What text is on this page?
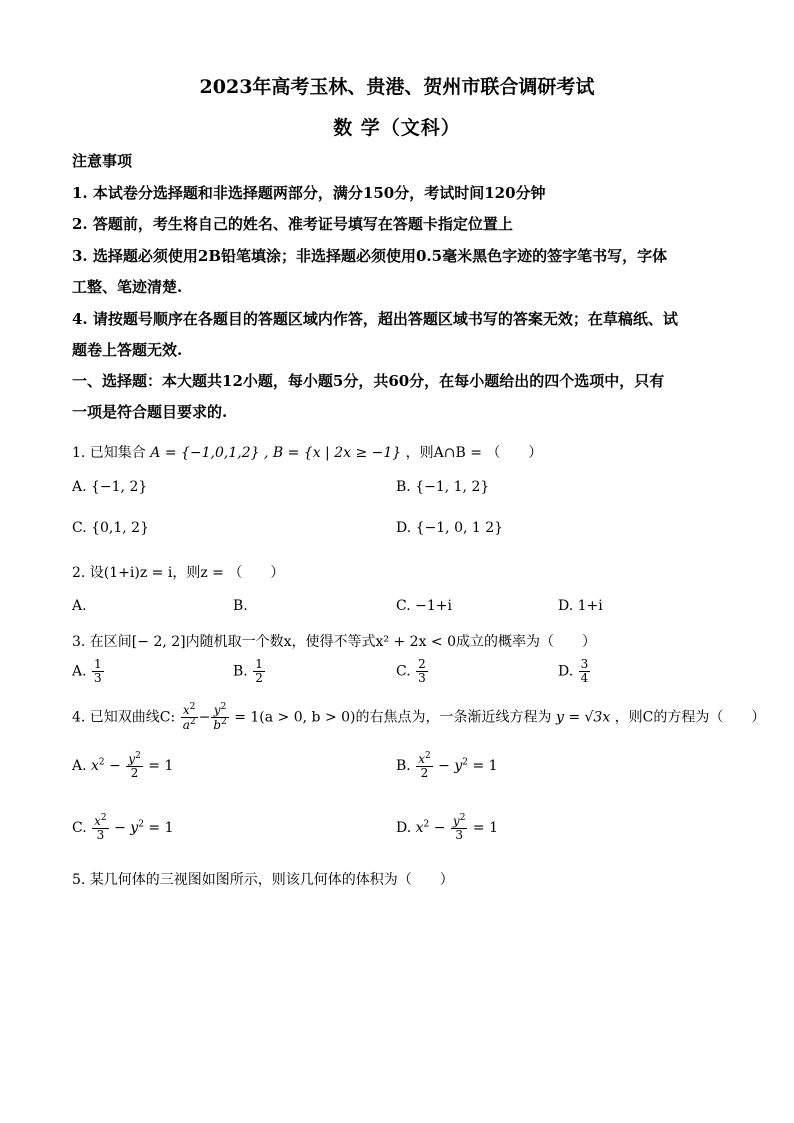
2023年高考玉林、贵港、贺州市联合调研考试
数 学（文科）
注意事项
1. 本试卷分选择题和非选择题两部分，满分150分，考试时间120分钟
2. 答题前，考生将自己的姓名、准考证号填写在答题卡指定位置上
3. 选择题必须使用2B铅笔填涂；非选择题必须使用0.5毫米黑色字迹的签字笔书写，字体
工整、笔迹清楚.
4. 请按题号顺序在各题目的答题区域内作答，超出答题区域书写的答案无效；在草稿纸、试
题卷上答题无效.
一、选择题：本大题共12小题，每小题5分，共60分，在每小题给出的四个选项中，只有
一项是符合题目要求的.
1. 已知集合 A = {−1,0,1,2} , B = {x | 2x ≥ −1} ，则A∩B = （　　）
A. {−1, 2}	B. {−1, 1, 2}
C. {0,1, 2}	D. {−1, 0, 1 2}
2. 设(1+i)z = i，则z = （　　）
A.	B.	C. −1+i	D. 1+i
3. 在区间[− 2, 2]内随机取一个数x，使得不等式x² + 2x < 0成立的概率为（　　）
A. $\frac{1}{3}$	B. $\frac{1}{2}$	C. $\frac{2}{3}$	D. $\frac{3}{4}$
4. 已知双曲线C: $\frac{x^2}{a^2} - \frac{y^2}{b^2} = 1(a > 0$, b > 0)的右焦点为，一条渐近线方程为 y = √3x ，则C的方程为（　　）
A. $x^2 - \frac{y^2}{2} = 1$	B. $\frac{x^2}{2} - y^2 = 1$
C. $\frac{x^2}{3} - y^2 = 1$	D. $x^2 - \frac{y^2}{3} = 1$
5. 某几何体的三视图如图所示，则该几何体的体积为（　　）
